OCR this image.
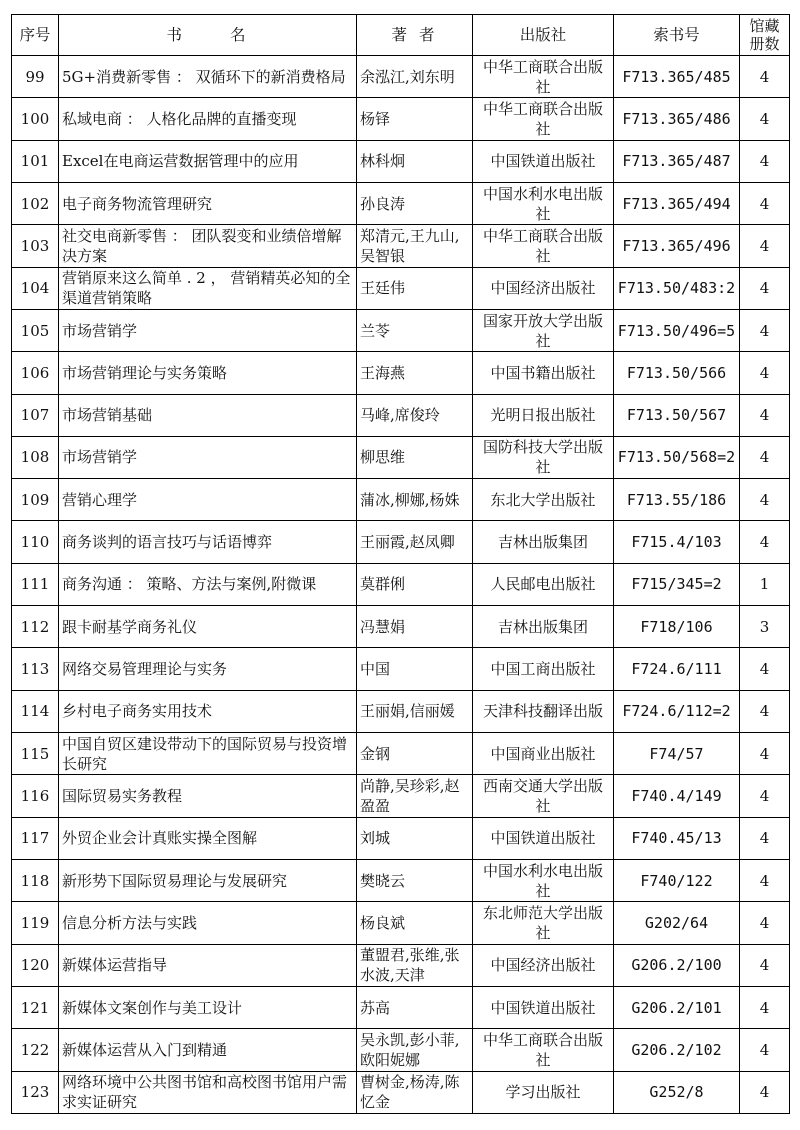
序号	书名	著者	出版社	索书号	馆藏册数

99	5G+消费新零售 ： 双循环下的新消费格局	余泓江,刘东明	中华工商联合出版社	F713.365/485	4

100	私域电商 ： 人格化品牌的直播变现	杨铎	中华工商联合出版社	F713.365/486	4

101	Excel在电商运营数据管理中的应用	林科炯	中国铁道出版社	F713.365/487	4

102	电子商务物流管理研究	孙良涛	中国水利水电出版社	F713.365/494	4

103	社交电商新零售 ： 团队裂变和业绩倍增解决方案	郑清元,王九山,吴智银	中华工商联合出版社	F713.365/496	4

104	营销原来这么简单 . 2 ， 营销精英必知的全渠道营销策略	王廷伟	中国经济出版社	F713.50/483:2	4

105	市场营销学	兰苓	国家开放大学出版社	F713.50/496=5	4

106	市场营销理论与实务策略	王海燕	中国书籍出版社	F713.50/566	4

107	市场营销基础	马峰,席俊玲	光明日报出版社	F713.50/567	4

108	市场营销学	柳思维	国防科技大学出版社	F713.50/568=2	4

109	营销心理学	蒲冰,柳娜,杨姝	东北大学出版社	F713.55/186	4

110	商务谈判的语言技巧与话语博弈	王丽霞,赵凤卿	吉林出版集团	F715.4/103	4

111	商务沟通 ： 策略、方法与案例,附微课	莫群俐	人民邮电出版社	F715/345=2	1

112	跟卡耐基学商务礼仪	冯慧娟	吉林出版集团	F718/106	3

113	网络交易管理理论与实务	中国	中国工商出版社	F724.6/111	4

114	乡村电子商务实用技术	王丽娟,信丽媛	天津科技翻译出版	F724.6/112=2	4

115	中国自贸区建设带动下的国际贸易与投资增长研究	金钢	中国商业出版社	F74/57	4

116	国际贸易实务教程	尚静,吴珍彩,赵盈盈	西南交通大学出版社	F740.4/149	4

117	外贸企业会计真账实操全图解	刘城	中国铁道出版社	F740.45/13	4

118	新形势下国际贸易理论与发展研究	樊晓云	中国水利水电出版社	F740/122	4

119	信息分析方法与实践	杨良斌	东北师范大学出版社	G202/64	4

120	新媒体运营指导	董盟君,张维,张水波,天津	中国经济出版社	G206.2/100	4

121	新媒体文案创作与美工设计	苏高	中国铁道出版社	G206.2/101	4

122	新媒体运营从入门到精通	吴永凯,彭小菲,欧阳妮娜	中华工商联合出版社	G206.2/102	4

123	网络环境中公共图书馆和高校图书馆用户需求实证研究	曹树金,杨涛,陈忆金	学习出版社	G252/8	4
